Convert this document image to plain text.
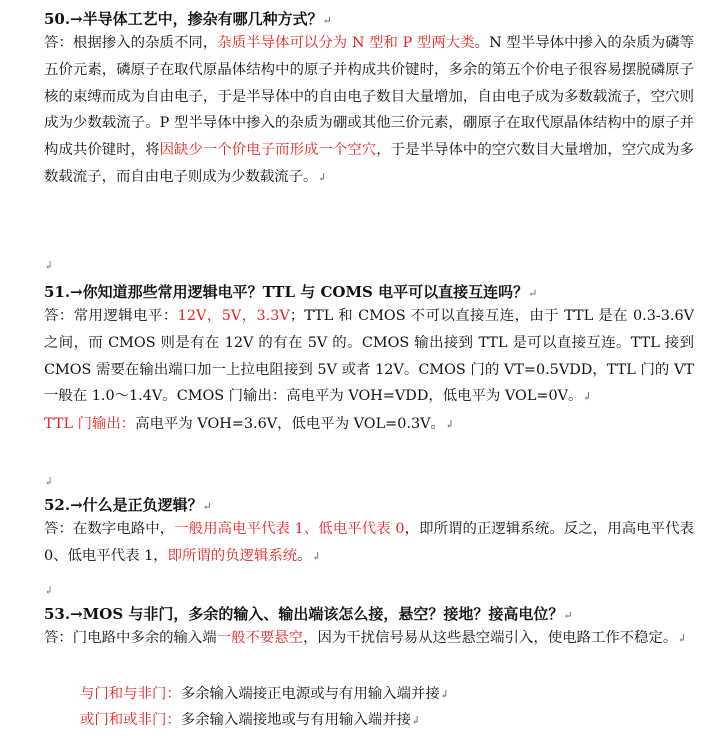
50.→半导体工艺中，掺杂有哪几种方式？↵
答：根据掺入的杂质不同，杂质半导体可以分为 N 型和 P 型两大类。N 型半导体中掺入的杂质为磷等五价元素，磷原子在取代原晶体结构中的原子并构成共价键时，多余的第五个价电子很容易摆脱磷原子核的束缚而成为自由电子，于是半导体中的自由电子数目大量增加，自由电子成为多数载流子，空穴则成为少数载流子。P 型半导体中掺入的杂质为硼或其他三价元素，硼原子在取代原晶体结构中的原子并构成共价键时，将因缺少一个价电子而形成一个空穴，于是半导体中的空穴数目大量增加，空穴成为多数载流子，而自由电子则成为少数载流子。↲
↲
51.→你知道那些常用逻辑电平？TTL 与 COMS 电平可以直接互连吗？↵
答：常用逻辑电平：12V，5V，3.3V；TTL 和 CMOS 不可以直接互连，由于 TTL 是在 0.3-3.6V 之间，而 CMOS 则是有在 12V 的有在 5V 的。CMOS 输出接到 TTL 是可以直接互连。TTL 接到 CMOS 需要在输出端口加一上拉电阻接到 5V 或者 12V。CMOS 门的 VT=0.5VDD，TTL 门的 VT 一般在 1.0～1.4V。CMOS 门输出：高电平为 VOH=VDD，低电平为 VOL=0V。↲
TTL 门输出：高电平为 VOH=3.6V，低电平为 VOL=0.3V。↲
↲
52.→什么是正负逻辑？↵
答：在数字电路中，一般用高电平代表 1、低电平代表 0，即所谓的正逻辑系统。反之，用高电平代表 0、低电平代表 1，即所谓的负逻辑系统。↲
↲
53.→MOS 与非门，多余的输入、输出端该怎么接，悬空？接地？接高电位？↵
答：门电路中多余的输入端一般不要悬空，因为干扰信号易从这些悬空端引入，使电路工作不稳定。↲
与门和与非门：多余输入端接正电源或与有用输入端并接↲
或门和或非门：多余输入端接地或与有用输入端并接↲
